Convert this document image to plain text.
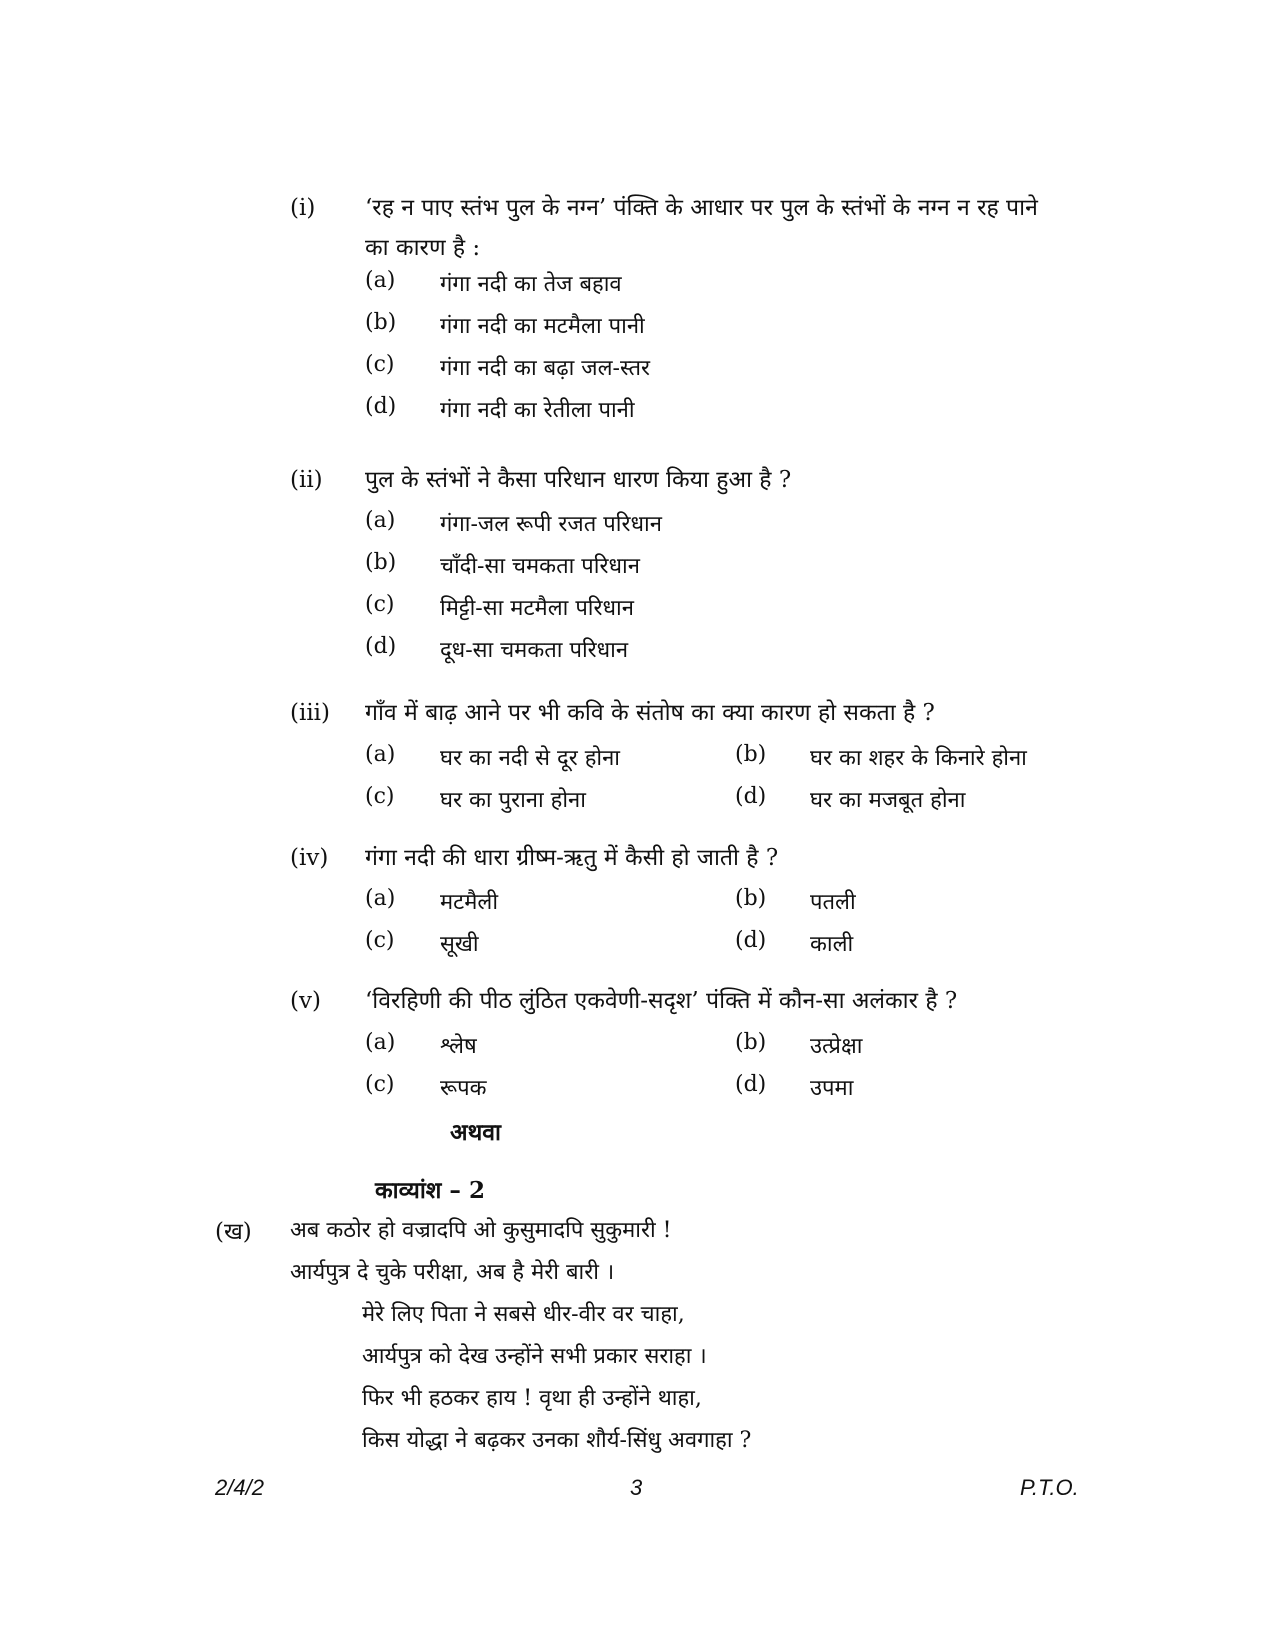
(i) ‘रह न पाए स्तंभ पुल के नग्न’ पंक्ति के आधार पर पुल के स्तंभों के नग्न न रह पाने का कारण है :
(a) गंगा नदी का तेज बहाव
(b) गंगा नदी का मटमैला पानी
(c) गंगा नदी का बढ़ा जल-स्तर
(d) गंगा नदी का रेतीला पानी
(ii) पुल के स्तंभों ने कैसा परिधान धारण किया हुआ है ?
(a) गंगा-जल रूपी रजत परिधान
(b) चाँदी-सा चमकता परिधान
(c) मिट्टी-सा मटमैला परिधान
(d) दूध-सा चमकता परिधान
(iii) गाँव में बाढ़ आने पर भी कवि के संतोष का क्या कारण हो सकता है ?
(a) घर का नदी से दूर होना	(b) घर का शहर के किनारे होना
(c) घर का पुराना होना	(d) घर का मजबूत होना
(iv) गंगा नदी की धारा ग्रीष्म-ऋतु में कैसी हो जाती है ?
(a) मटमैली	(b) पतली
(c) सूखी	(d) काली
(v) ‘विरहिणी की पीठ लुंठित एकवेणी-सदृश’ पंक्ति में कौन-सा अलंकार है ?
(a) श्लेष	(b) उत्प्रेक्षा
(c) रूपक	(d) उपमा
अथवा
काव्यांश – 2
(ख) अब कठोर हो वज्रादपि ओ कुसुमादपि सुकुमारी !
आर्यपुत्र दे चुके परीक्षा, अब है मेरी बारी ।
मेरे लिए पिता ने सबसे धीर-वीर वर चाहा,
आर्यपुत्र को देख उन्होंने सभी प्रकार सराहा ।
फिर भी हठकर हाय ! वृथा ही उन्होंने थाहा,
किस योद्धा ने बढ़कर उनका शौर्य-सिंधु अवगाहा ?
2/4/2	3	P.T.O.
